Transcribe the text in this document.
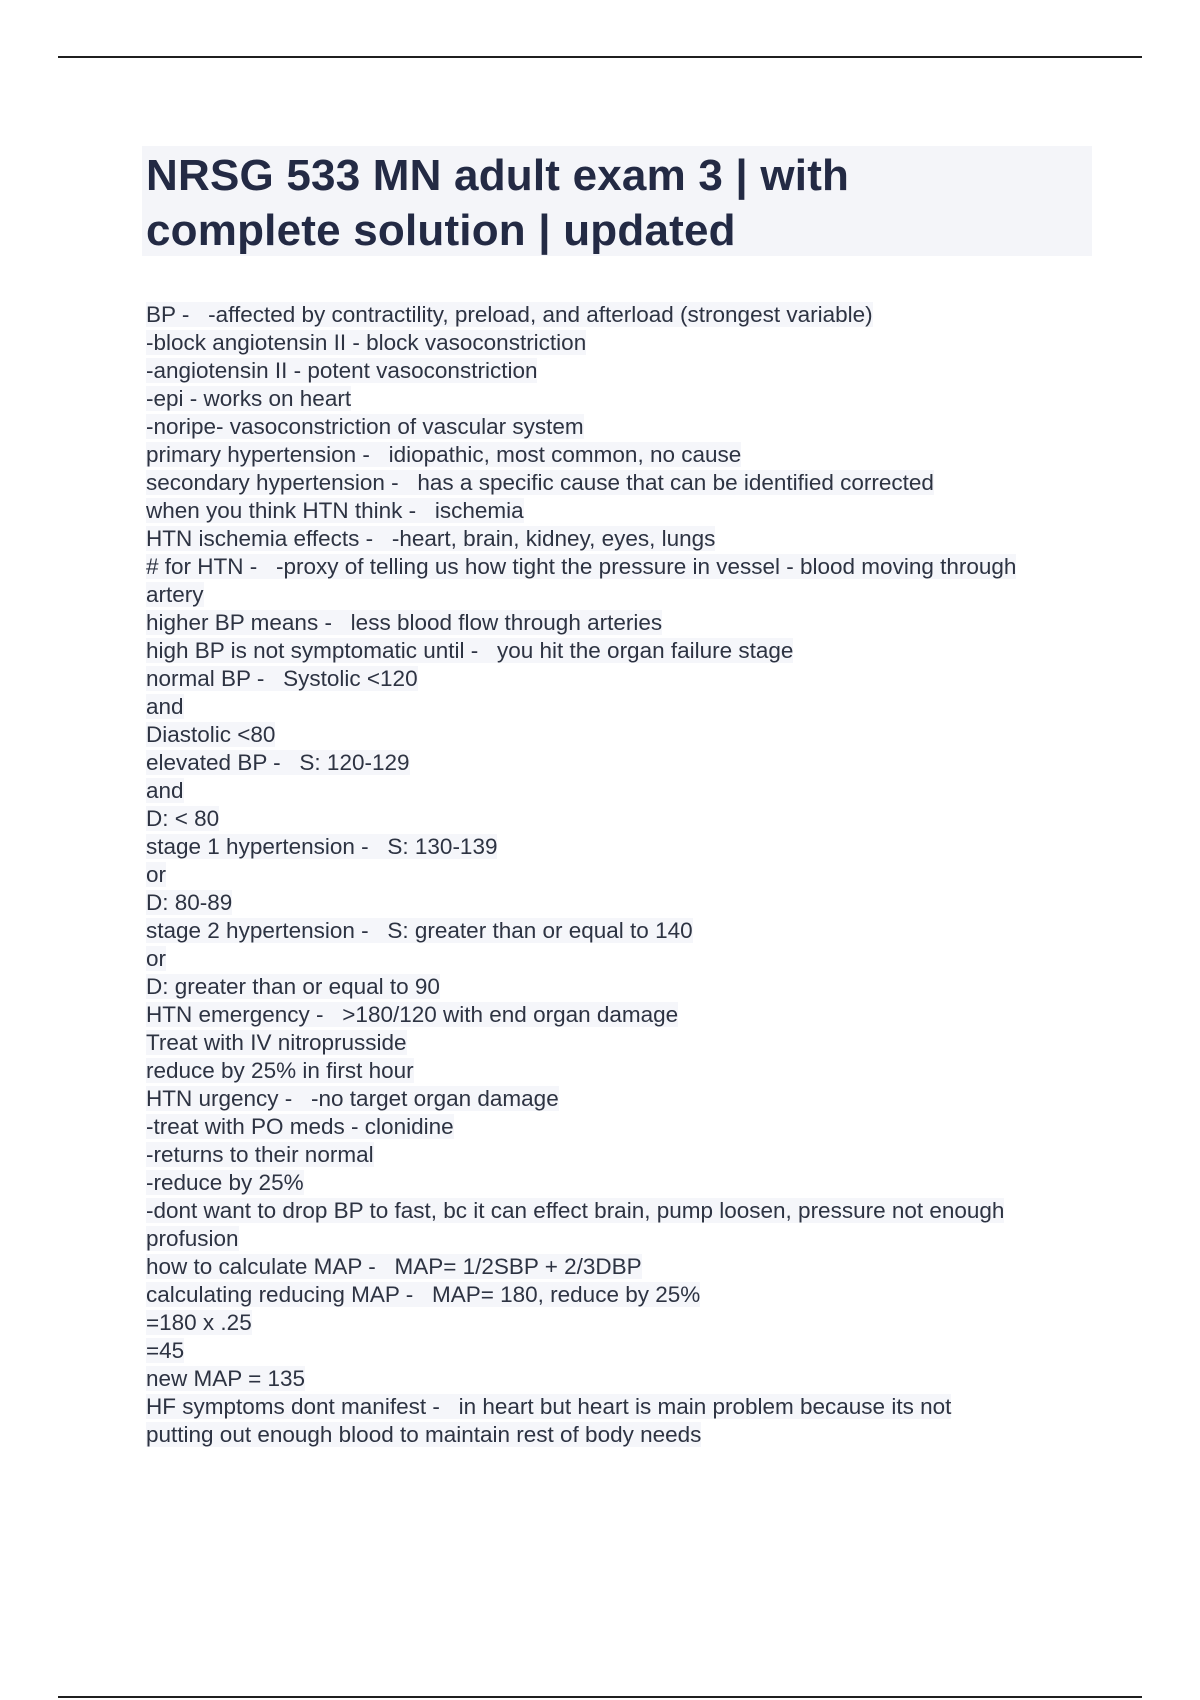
NRSG 533 MN adult exam 3 | with
complete solution | updated
BP -   -affected by contractility, preload, and afterload (strongest variable)
-block angiotensin II - block vasoconstriction
-angiotensin II - potent vasoconstriction
-epi - works on heart
-noripe- vasoconstriction of vascular system
primary hypertension -   idiopathic, most common, no cause
secondary hypertension -   has a specific cause that can be identified corrected
when you think HTN think -   ischemia
HTN ischemia effects -   -heart, brain, kidney, eyes, lungs
# for HTN -   -proxy of telling us how tight the pressure in vessel - blood moving through
artery
higher BP means -   less blood flow through arteries
high BP is not symptomatic until -   you hit the organ failure stage
normal BP -   Systolic <120
and
Diastolic <80
elevated BP -   S: 120-129
and
D: < 80
stage 1 hypertension -   S: 130-139
or
D: 80-89
stage 2 hypertension -   S: greater than or equal to 140
or
D: greater than or equal to 90
HTN emergency -   >180/120 with end organ damage
Treat with IV nitroprusside
reduce by 25% in first hour
HTN urgency -   -no target organ damage
-treat with PO meds - clonidine
-returns to their normal
-reduce by 25%
-dont want to drop BP to fast, bc it can effect brain, pump loosen, pressure not enough
profusion
how to calculate MAP -   MAP= 1/2SBP + 2/3DBP
calculating reducing MAP -   MAP= 180, reduce by 25%
=180 x .25
=45
new MAP = 135
HF symptoms dont manifest -   in heart but heart is main problem because its not
putting out enough blood to maintain rest of body needs
